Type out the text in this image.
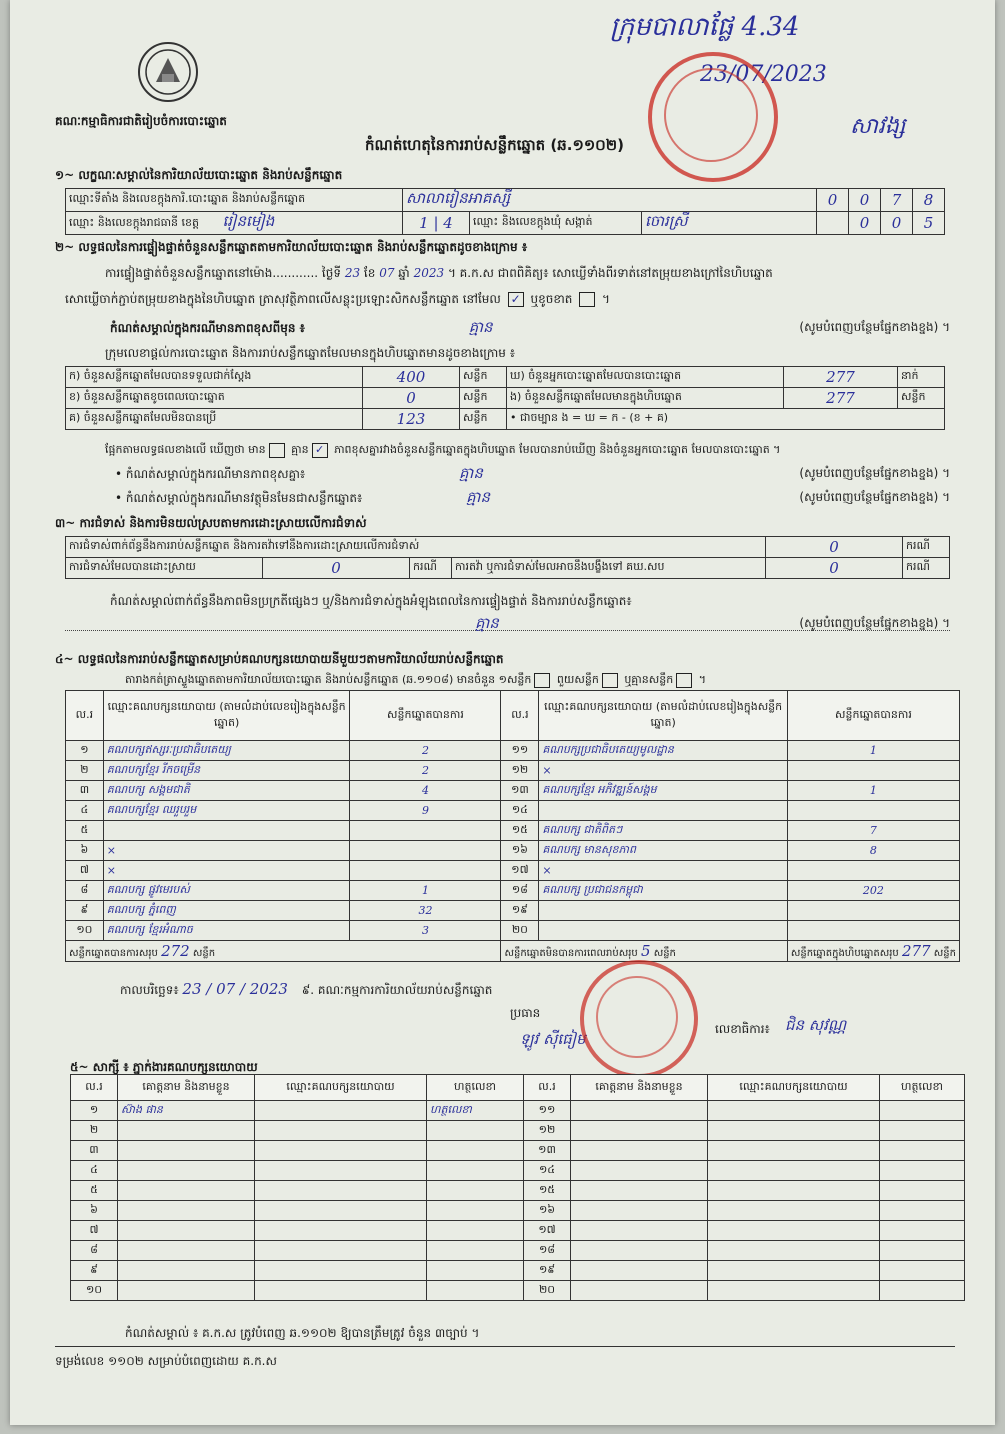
គណៈកម្មាធិការជាតិរៀបចំការបោះឆ្នោត
កំណត់ហេតុនៃការរាប់សន្លឹកឆ្នោត (ឆ.១១០២)
ក្រុមបាលាផ្លែ 4.34
23/07/2023
សាវង្ស
១~ លក្ខណៈសម្គាល់នៃការិយាល័យបោះឆ្នោត និងរាប់សន្លឹកឆ្នោត
ឈ្មោះទីតាំង និងលេខក្ដុងការិ.បោះឆ្នោត និងរាប់សន្លឹកឆ្នោត	សាលារៀនអាគស្សី			0	0	7	8
ឈ្មោះ និងលេខក្ដុងរាជធានី ខេត្ត រៀនមៀង	1 | 4	ឈ្មោះ និងលេខក្ដុងឃុំ សង្កាត់	ចោរស្រី		0	0	5
២~ លទ្ធផលនៃការផ្ទៀងផ្ទាត់ចំនួនសន្លឹកឆ្នោតតាមការិយាល័យបោះឆ្នោត និងរាប់សន្លឹកឆ្នោតដូចខាងក្រោម ៖
ការផ្ទៀងផ្ទាត់ចំនួនសន្លឹកឆ្នោតនៅម៉ោង............ ថ្ងៃទី 23 ខែ 07 ឆ្នាំ 2023 ។ គ.ក.ស ជាពពិគិត្យ៖ សោឃ្លើទាំងពីរទាត់នៅតម្រុយខាងក្រៅនៃហិបឆ្នោត
សោឃ្លើចាក់ភ្ជាប់តម្រុយខាងក្នុងនៃហិបឆ្នោត ត្រាសុវត្ថិភាពលើសន្លុះប្រឡោះសិកសន្លឹកឆ្នោត នៅមែល ✓ ឬខូចខាត  ។
កំណត់សម្គាល់ក្នុងករណីមានភាពខុសពីមុន ៖	គ្មាន	(សូមបំពេញបន្ថែមផ្នែកខាងខ្នង) ។
ក្រុមលេខាផ្ដល់ការបោះឆ្នោត និងការរាប់សន្លឹកឆ្នោតមែលមានក្នុងហិបឆ្នោតមានដូចខាងក្រោម ៖
ក) ចំនួនសន្លឹកឆ្នោតមែលបានទទួលជាក់ស្ដែង	400	សន្លឹក	ឃ) ចំនួនអ្នកបោះឆ្នោតមែលបានបោះឆ្នោត	277	នាក់
ខ) ចំនួនសន្លឹកឆ្នោតខូចពេលបោះឆ្នោត	0	សន្លឹក	ង) ចំនួនសន្លឹកឆ្នោតមែលមានក្នុងហិបឆ្នោត	277	សន្លឹក
គ) ចំនួនសន្លឹកឆ្នោតមែលមិនបានប្រើ	123	សន្លឹក	• ជាចម្បាន ង = ឃ = ក - (ខ + គ)		
ផ្អែកតាមលទ្ធផលខាងលើ ឃើញថា មាន គ្មាន ✓ ភាពខុសគ្នារវាងចំនួនសន្លឹកឆ្នោតក្នុងហិបឆ្នោត មែលបានរាប់ឃើញ និងចំនួនអ្នកបោះឆ្នោត មែលបានបោះឆ្នោត ។
• កំណត់សម្គាល់ក្នុងករណីមានភាពខុសគ្នា៖	គ្មាន	(សូមបំពេញបន្ថែមផ្នែកខាងខ្នង) ។
• កំណត់សម្គាល់ក្នុងករណីមានវត្ថុមិនមែនជាសន្លឹកឆ្នោត៖	គ្មាន	(សូមបំពេញបន្ថែមផ្នែកខាងខ្នង) ។
៣~ ការជំទាស់ និងការមិនយល់ស្របតាមការដោះស្រាយលើការជំទាស់
ការជំទាស់ពាក់ព័ន្ធនឹងការរាប់សន្លឹកឆ្នោត និងការតវ៉ាទៅនឹងការដោះស្រាយលើការជំទាស់				0	ករណី
ការជំទាស់មែលបានដោះស្រាយ	0	ករណី	ការតវ៉ា ឬការជំទាស់មែលអាចនឹងបង្ខឹងទៅ គឃ.សប	0	ករណី
កំណត់សម្គាល់ពាក់ព័ន្ធនឹងភាពមិនប្រក្រតីផ្សេងៗ ឬ/និងការជំទាស់ក្នុងអំឡុងពេលនៃការផ្ទៀងផ្ទាត់ និងការរាប់សន្លឹកឆ្នោត៖
គ្មាន	(សូមបំពេញបន្ថែមផ្នែកខាងខ្នង) ។
៤~ លទ្ធផលនៃការរាប់សន្លឹកឆ្នោតសម្រាប់គណបក្សនយោបាយនីមួយៗតាមការិយាល័យរាប់សន្លឹកឆ្នោត
តារាងកត់ត្រាស្ទួងឆ្នោតតាមការិយាល័យបោះឆ្នោត និងរាប់សន្លឹកឆ្នោត (ឆ.១១០៨) មានចំនួន ១សន្លឹក ពួយសន្លឹក ឬគ្មានសន្លឹក ។
ល.រ	ឈ្មោះគណបក្សនយោបាយ (តាមលំដាប់លេខរៀងក្នុងសន្លឹកឆ្នោត)	សន្លឹកឆ្នោតបានការ	ល.រ	ឈ្មោះគណបក្សនយោបាយ (តាមលំដាប់លេខរៀងក្នុងសន្លឹកឆ្នោត)	សន្លឹកឆ្នោតបានការ
១	គណបក្សឥស្សរៈប្រជាធិបតេយ្យ	2	១១	គណបក្សប្រជាធិបតេយ្យមូលដ្ឋាន	1
២	គណបក្សខ្មែរ រីកចម្រើន	2	១២	×	
៣	គណបក្ស សង្គមជាតិ	4	១៣	គណបក្សខ្មែរ អភិវឌ្ឍន៍សង្គម	1
៤	គណបក្សខ្មែរ ឈរួបរួម	9	១៤		
៥			១៥	គណបក្ស ជាតិពិតៗ	7
៦	×		១៦	គណបក្ស មានសុខភាព	8
៧	×		១៧	×	
៨	គណបក្ស ផ្លូវមេរបស់	1	១៨	គណបក្ស ប្រជាជនកម្ពុជា	202
៩	គណបក្ស ភ្នំពេញ	32	១៩		
១០	គណបក្ស ខ្មែរអំណាច	3	២០		
សន្លឹកឆ្នោតបានការសរុប 272 សន្លឹក			សន្លឹកឆ្នោតមិនបានការពេលរាប់សរុប 5 សន្លឹក		សន្លឹកឆ្នោតក្នុងហិបឆ្នោតសរុប 277 សន្លឹក
កាលបរិច្ឆេទ៖ 23 / 07 / 2023 ៩. គណៈកម្មការការិយាល័យរាប់សន្លឹកឆ្នោត
ប្រធាន
ឡូវ ស៊ីធៀម
លេខាធិការ៖ ជិន សុវណ្ណ
៥~ សាក្សី ៖ ភ្នាក់ងារគណបក្សនយោបាយ
ល.រ	គោត្តនាម និងនាមខ្លួន	ឈ្មោះគណបក្សនយោបាយ	ហត្ថលេខា	ល.រ	គោត្តនាម និងនាមខ្លួន	ឈ្មោះគណបក្សនយោបាយ	ហត្ថលេខា
១	ស៊ាង ផាន		ហត្ថលេខា	១១			
២				១២			
៣				១៣			
៤				១៤			
៥				១៥			
៦				១៦			
៧				១៧			
៨				១៨			
៩				១៩			
១០				២០			
កំណត់សម្គាល់ ៖ គ.ក.ស ត្រូវបំពេញ ឆ.១១០២ ឱ្យបានត្រឹមត្រូវ ចំនួន ៣ច្បាប់ ។
ទម្រង់លេខ ១១០២ សម្រាប់បំពេញដោយ គ.ក.ស
